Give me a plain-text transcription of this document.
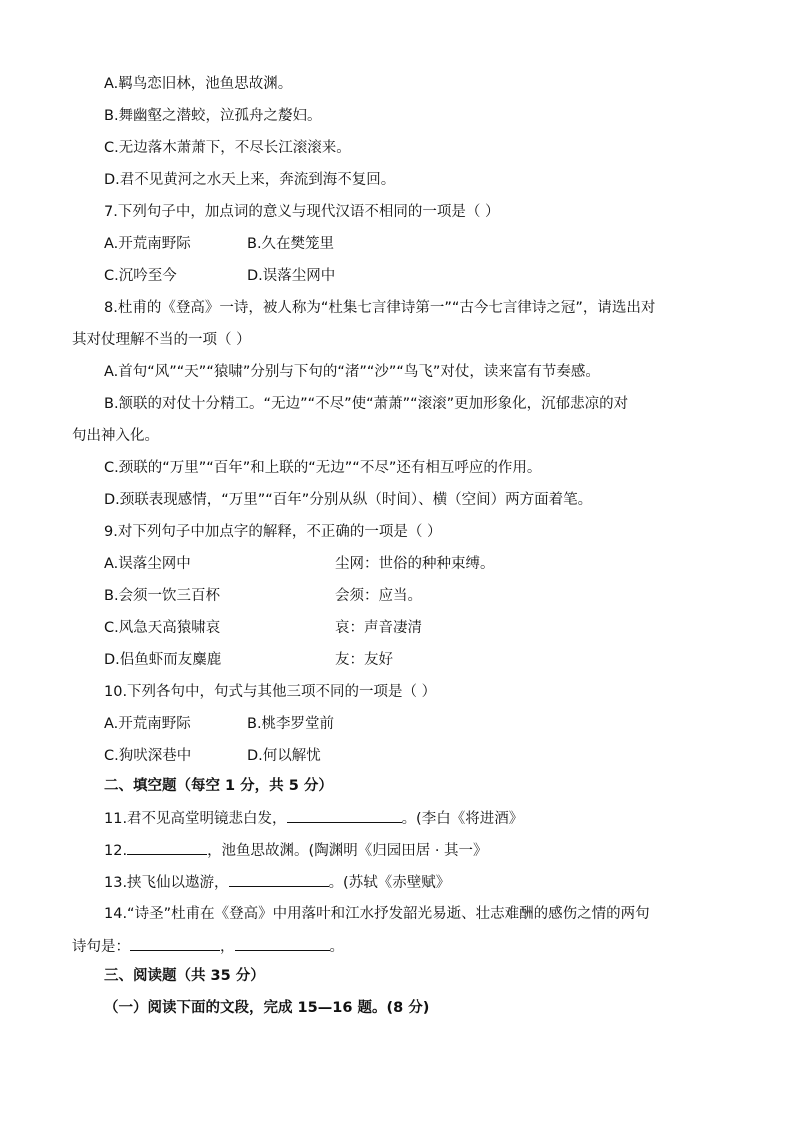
A.羁鸟恋旧林，池鱼思故渊。
B.舞幽壑之潜蛟，泣孤舟之嫠妇。
C.无边落木萧萧下，不尽长江滚滚来。
D.君不见黄河之水天上来，奔流到海不复回。
7.下列句子中，加点词的意义与现代汉语不相同的一项是（ ）
A.开荒南野际	B.久在樊笼里
C.沉吟至今	D.误落尘网中
8.杜甫的《登高》一诗，被人称为“杜集七言律诗第一”“古今七言律诗之冠”，请选出对
其对仗理解不当的一项（ ）
A.首句“风”“天”“猿啸”分别与下句的“渚”“沙”“鸟飞”对仗，读来富有节奏感。
B.颔联的对仗十分精工。“无边”“不尽”使“萧萧”“滚滚”更加形象化，沉郁悲凉的对
句出神入化。
C.颈联的“万里”“百年”和上联的“无边”“不尽”还有相互呼应的作用。
D.颈联表现感情，“万里”“百年”分别从纵（时间）、横（空间）两方面着笔。
9.对下列句子中加点字的解释，不正确的一项是（ ）
A.误落尘网中	尘网：世俗的种种束缚。
B.会须一饮三百杯	会须：应当。
C.风急天高猿啸哀	哀：声音凄清
D.侣鱼虾而友麋鹿	友：友好
10.下列各句中，句式与其他三项不同的一项是（ ）
A.开荒南野际	B.桃李罗堂前
C.狗吠深巷中	D.何以解忧
二、填空题（每空 1 分，共 5 分）
11.君不见高堂明镜悲白发，	。(李白《将进酒》
12.	，池鱼思故渊。(陶渊明《归园田居 · 其一》
13.挟飞仙以遨游，	。(苏轼《赤壁赋》
14.“诗圣”杜甫在《登高》中用落叶和江水抒发韶光易逝、壮志难酬的感伤之情的两句
诗句是：	，	。
三、阅读题（共 35 分）
（一）阅读下面的文段，完成 15—16 题。(8 分)
